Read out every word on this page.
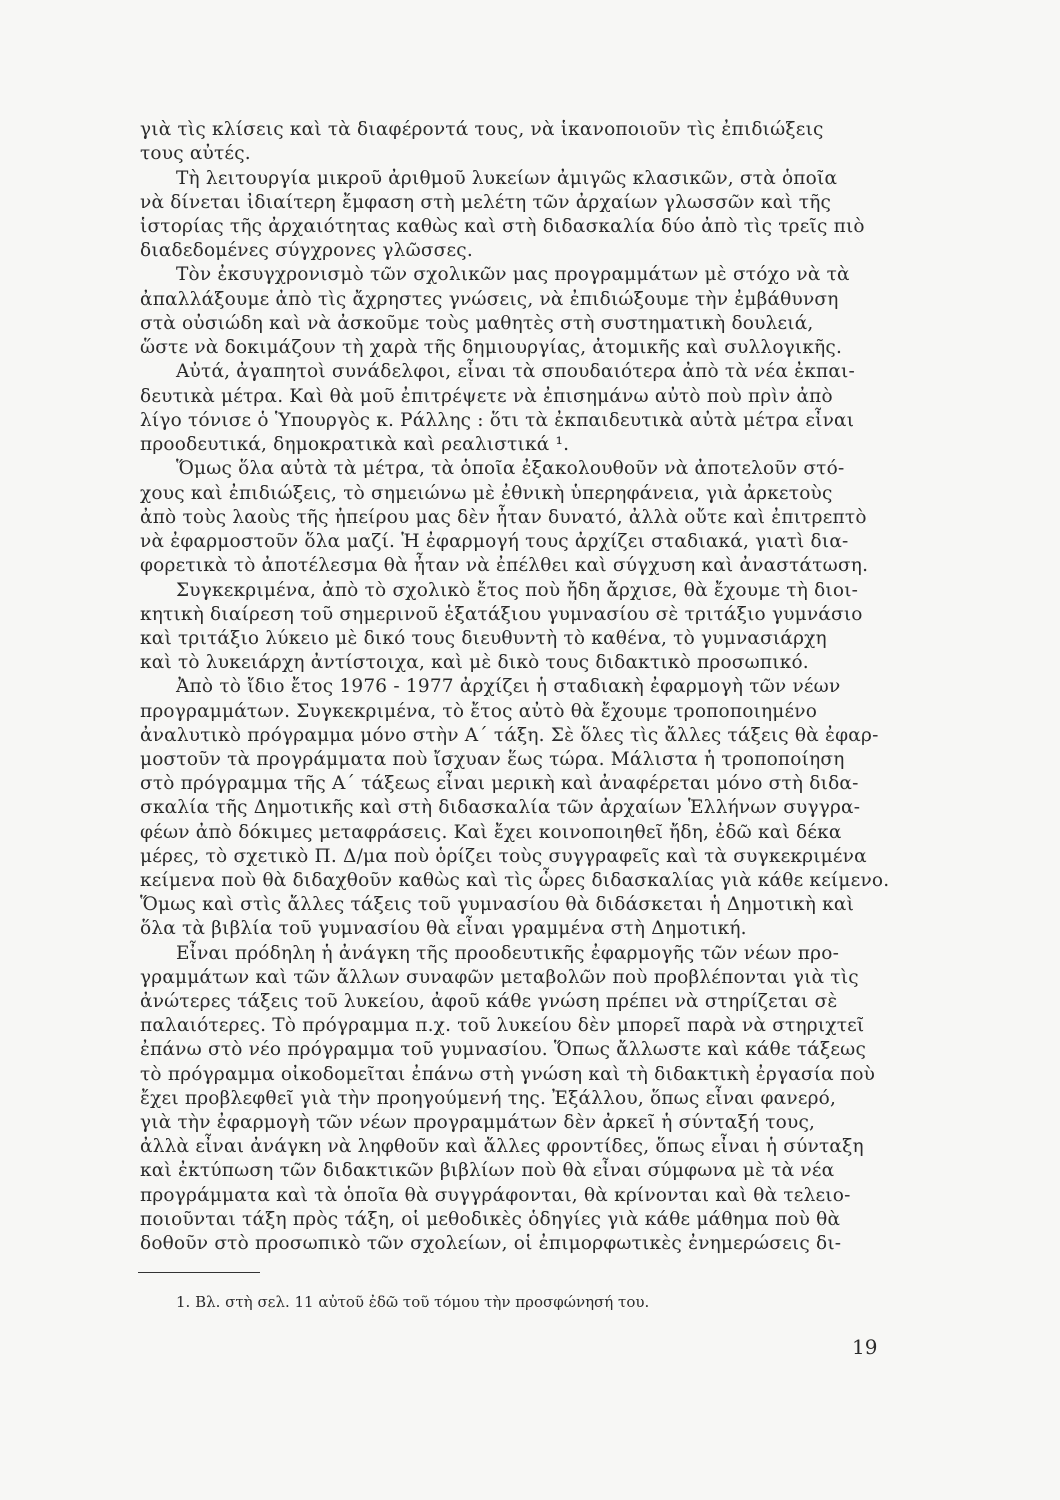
γιὰ τὶς κλίσεις καὶ τὰ διαφέροντά τους, νὰ ἱκανοποιοῦν τὶς ἐπιδιώξεις
τους αὐτές.
Τὴ λειτουργία μικροῦ ἀριθμοῦ λυκείων ἀμιγῶς κλασικῶν, στὰ ὁποῖα
νὰ δίνεται ἰδιαίτερη ἔμφαση στὴ μελέτη τῶν ἀρχαίων γλωσσῶν καὶ τῆς
ἱστορίας τῆς ἀρχαιότητας καθὼς καὶ στὴ διδασκαλία δύο ἀπὸ τὶς τρεῖς πιὸ
διαδεδομένες σύγχρονες γλῶσσες.
Τὸν ἐκσυγχρονισμὸ τῶν σχολικῶν μας προγραμμάτων μὲ στόχο νὰ τὰ
ἀπαλλάξουμε ἀπὸ τὶς ἄχρηστες γνώσεις, νὰ ἐπιδιώξουμε τὴν ἐμβάθυνση
στὰ οὐσιώδη καὶ νὰ ἀσκοῦμε τοὺς μαθητὲς στὴ συστηματικὴ δουλειά,
ὥστε νὰ δοκιμάζουν τὴ χαρὰ τῆς δημιουργίας, ἀτομικῆς καὶ συλλογικῆς.
Αὐτά, ἀγαπητοὶ συνάδελφοι, εἶναι τὰ σπουδαιότερα ἀπὸ τὰ νέα ἐκπαι-
δευτικὰ μέτρα. Καὶ θὰ μοῦ ἐπιτρέψετε νὰ ἐπισημάνω αὐτὸ ποὺ πρὶν ἀπὸ
λίγο τόνισε ὁ Ὑπουργὸς κ. Ράλλης : ὅτι τὰ ἐκπαιδευτικὰ αὐτὰ μέτρα εἶναι
προοδευτικά, δημοκρατικὰ καὶ ρεαλιστικά ¹.
Ὅμως ὅλα αὐτὰ τὰ μέτρα, τὰ ὁποῖα ἐξακολουθοῦν νὰ ἀποτελοῦν στό-
χους καὶ ἐπιδιώξεις, τὸ σημειώνω μὲ ἐθνικὴ ὑπερηφάνεια, γιὰ ἀρκετοὺς
ἀπὸ τοὺς λαοὺς τῆς ἠπείρου μας δὲν ἦταν δυνατό, ἀλλὰ οὔτε καὶ ἐπιτρεπτὸ
νὰ ἐφαρμοστοῦν ὅλα μαζί. Ἡ ἐφαρμογή τους ἀρχίζει σταδιακά, γιατὶ δια-
φορετικὰ τὸ ἀποτέλεσμα θὰ ἦταν νὰ ἐπέλθει καὶ σύγχυση καὶ ἀναστάτωση.
Συγκεκριμένα, ἀπὸ τὸ σχολικὸ ἔτος ποὺ ἤδη ἄρχισε, θὰ ἔχουμε τὴ διοι-
κητικὴ διαίρεση τοῦ σημερινοῦ ἑξατάξιου γυμνασίου σὲ τριτάξιο γυμνάσιο
καὶ τριτάξιο λύκειο μὲ δικό τους διευθυντὴ τὸ καθένα, τὸ γυμνασιάρχη
καὶ τὸ λυκειάρχη ἀντίστοιχα, καὶ μὲ δικὸ τους διδακτικὸ προσωπικό.
Ἀπὸ τὸ ἴδιο ἔτος 1976 - 1977 ἀρχίζει ἡ σταδιακὴ ἐφαρμογὴ τῶν νέων
προγραμμάτων. Συγκεκριμένα, τὸ ἔτος αὐτὸ θὰ ἔχουμε τροποποιημένο
ἀναλυτικὸ πρόγραμμα μόνο στὴν Α΄ τάξη. Σὲ ὅλες τὶς ἄλλες τάξεις θὰ ἐφαρ-
μοστοῦν τὰ προγράμματα ποὺ ἴσχυαν ἕως τώρα. Μάλιστα ἡ τροποποίηση
στὸ πρόγραμμα τῆς Α΄ τάξεως εἶναι μερικὴ καὶ ἀναφέρεται μόνο στὴ διδα-
σκαλία τῆς Δημοτικῆς καὶ στὴ διδασκαλία τῶν ἀρχαίων Ἑλλήνων συγγρα-
φέων ἀπὸ δόκιμες μεταφράσεις. Καὶ ἔχει κοινοποιηθεῖ ἤδη, ἐδῶ καὶ δέκα
μέρες, τὸ σχετικὸ Π. Δ/μα ποὺ ὁρίζει τοὺς συγγραφεῖς καὶ τὰ συγκεκριμένα
κείμενα ποὺ θὰ διδαχθοῦν καθὼς καὶ τὶς ὧρες διδασκαλίας γιὰ κάθε κείμενο.
Ὅμως καὶ στὶς ἄλλες τάξεις τοῦ γυμνασίου θὰ διδάσκεται ἡ Δημοτικὴ καὶ
ὅλα τὰ βιβλία τοῦ γυμνασίου θὰ εἶναι γραμμένα στὴ Δημοτική.
Εἶναι πρόδηλη ἡ ἀνάγκη τῆς προοδευτικῆς ἐφαρμογῆς τῶν νέων προ-
γραμμάτων καὶ τῶν ἄλλων συναφῶν μεταβολῶν ποὺ προβλέπονται γιὰ τὶς
ἀνώτερες τάξεις τοῦ λυκείου, ἀφοῦ κάθε γνώση πρέπει νὰ στηρίζεται σὲ
παλαιότερες. Τὸ πρόγραμμα π.χ. τοῦ λυκείου δὲν μπορεῖ παρὰ νὰ στηριχτεῖ
ἐπάνω στὸ νέο πρόγραμμα τοῦ γυμνασίου. Ὅπως ἄλλωστε καὶ κάθε τάξεως
τὸ πρόγραμμα οἰκοδομεῖται ἐπάνω στὴ γνώση καὶ τὴ διδακτικὴ ἐργασία ποὺ
ἔχει προβλεφθεῖ γιὰ τὴν προηγούμενή της. Ἐξάλλου, ὅπως εἶναι φανερό,
γιὰ τὴν ἐφαρμογὴ τῶν νέων προγραμμάτων δὲν ἀρκεῖ ἡ σύνταξή τους,
ἀλλὰ εἶναι ἀνάγκη νὰ ληφθοῦν καὶ ἄλλες φροντίδες, ὅπως εἶναι ἡ σύνταξη
καὶ ἐκτύπωση τῶν διδακτικῶν βιβλίων ποὺ θὰ εἶναι σύμφωνα μὲ τὰ νέα
προγράμματα καὶ τὰ ὁποῖα θὰ συγγράφονται, θὰ κρίνονται καὶ θὰ τελειο-
ποιοῦνται τάξη πρὸς τάξη, οἱ μεθοδικὲς ὁδηγίες γιὰ κάθε μάθημα ποὺ θὰ
δοθοῦν στὸ προσωπικὸ τῶν σχολείων, οἱ ἐπιμορφωτικὲς ἐνημερώσεις δι-
1. Βλ. στὴ σελ. 11 αὐτοῦ ἐδῶ τοῦ τόμου τὴν προσφώνησή του.
19
